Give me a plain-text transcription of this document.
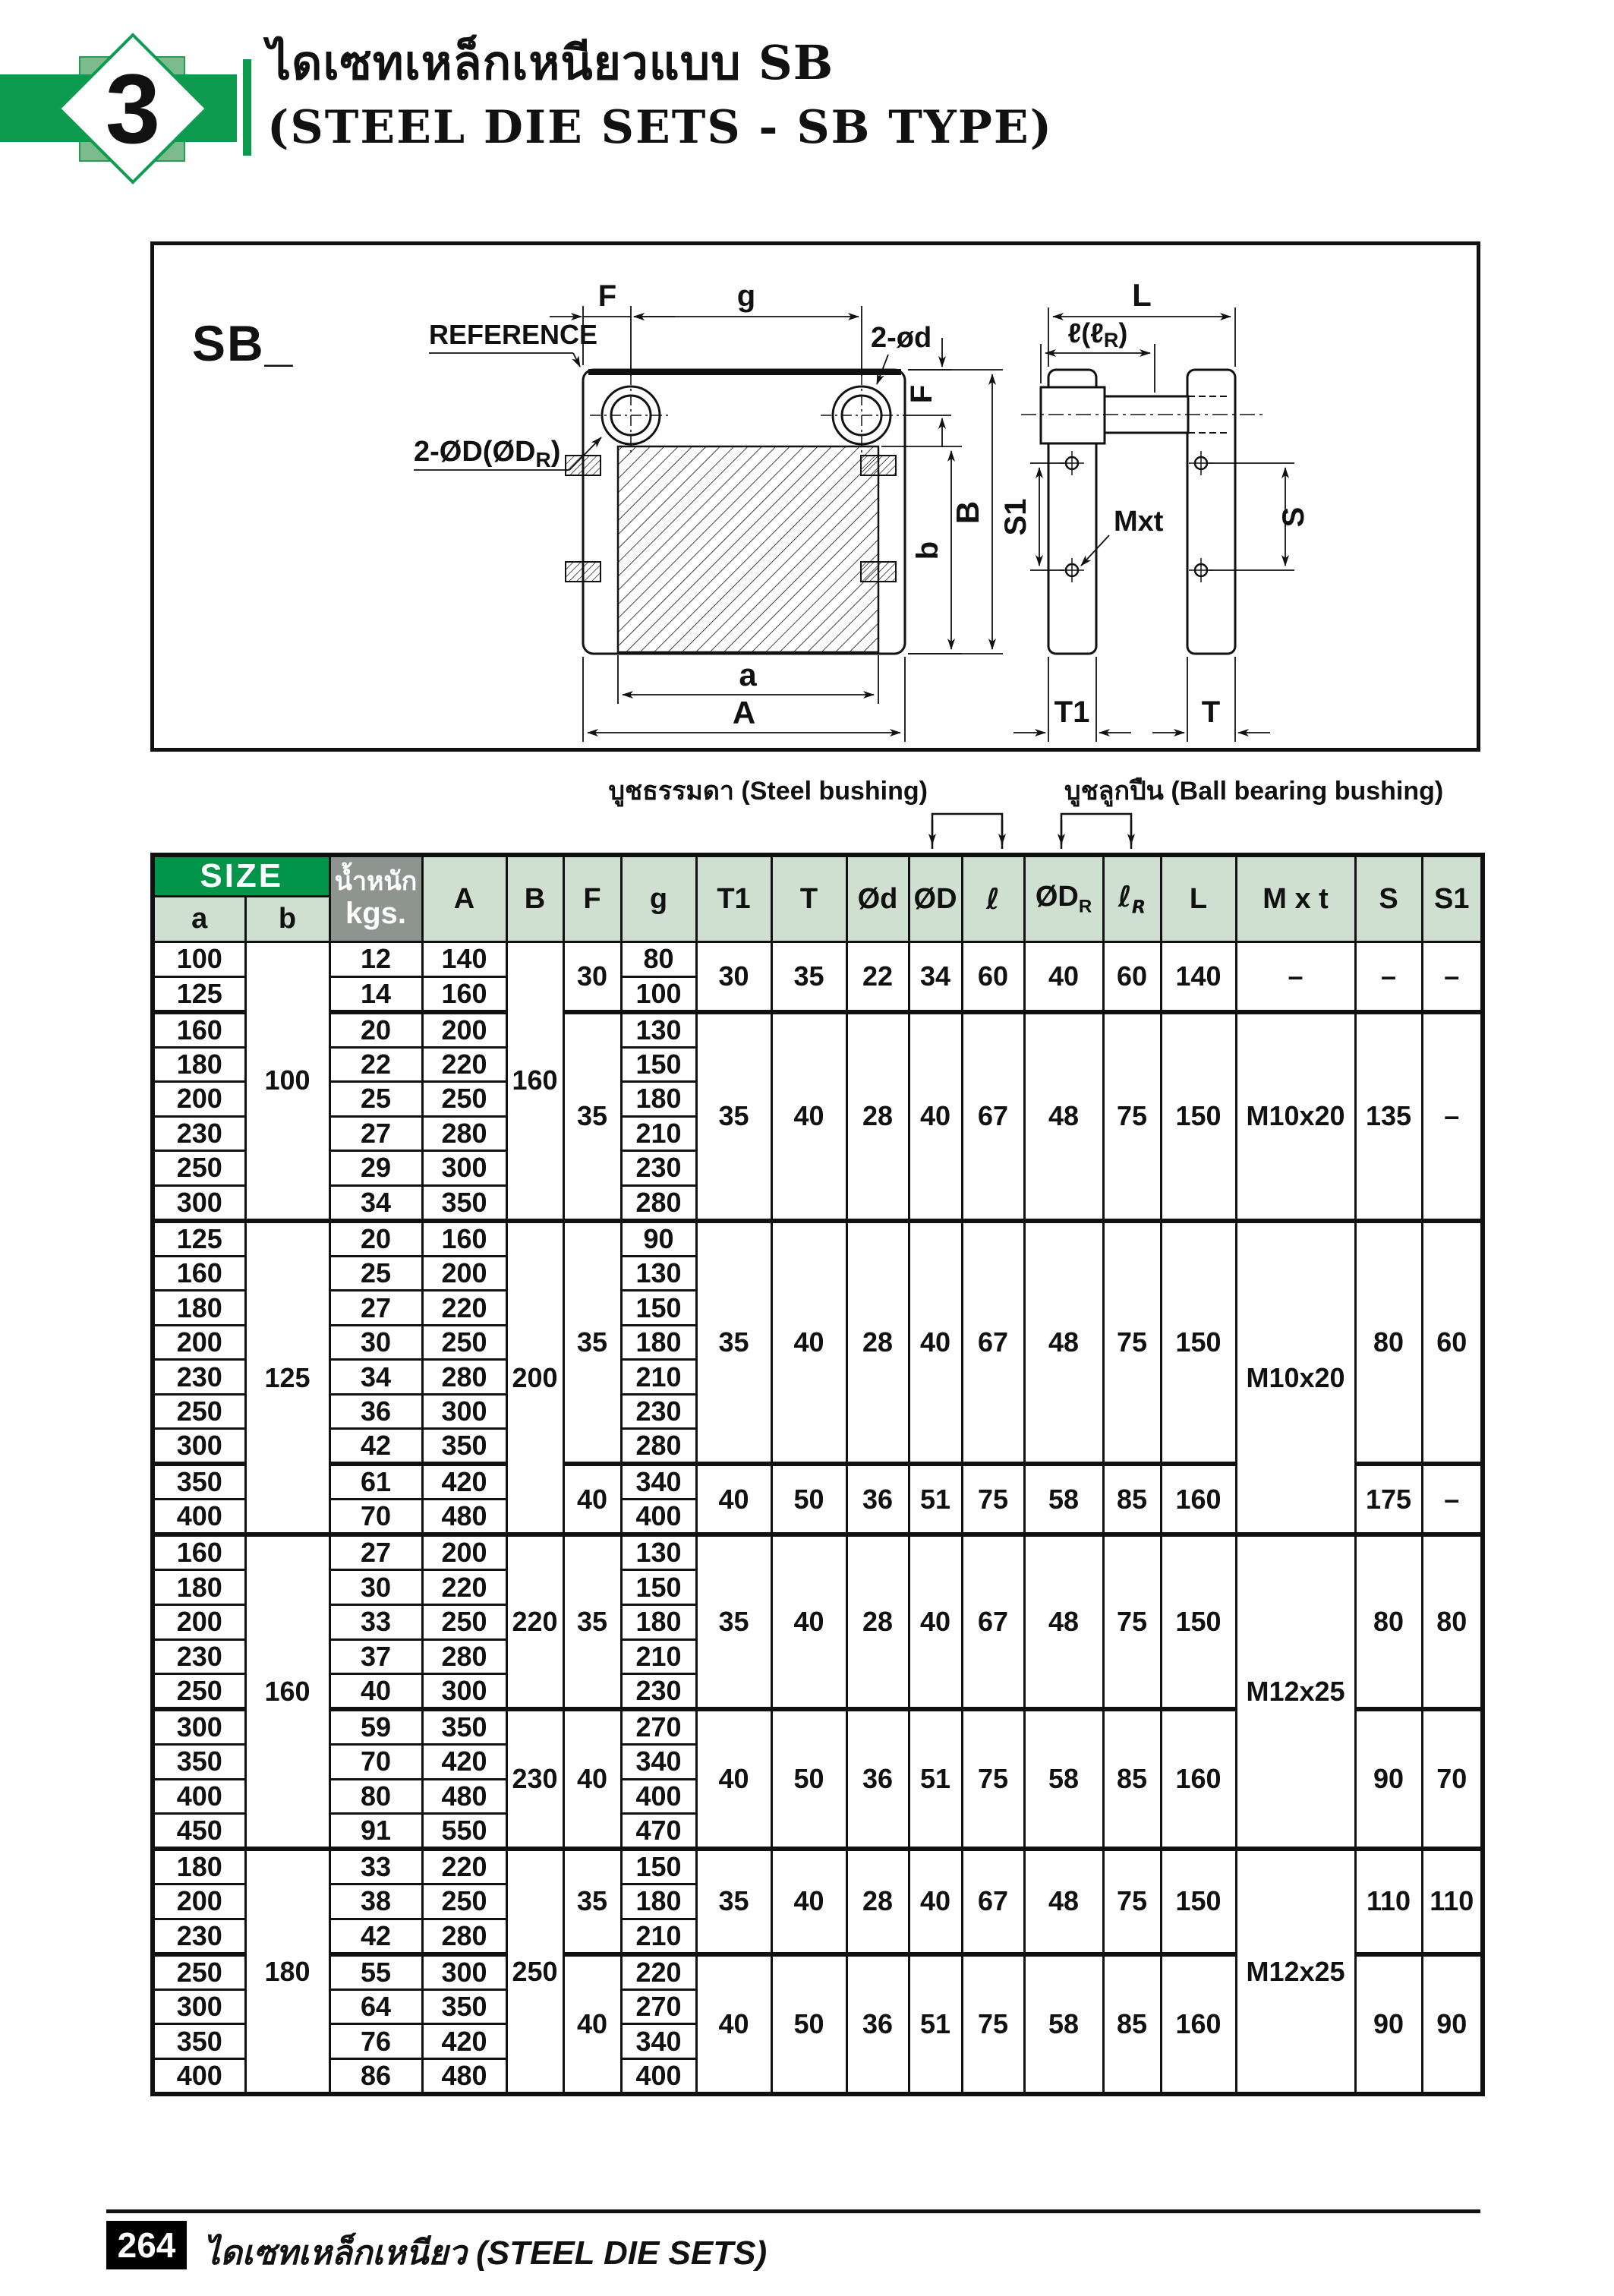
3 ไดเซทเหล็กเหนียวแบบ SB
(STEEL DIE SETS - SB TYPE)
SB_
F	g
REFERENCE	2-ød
$2-ØD(ØD_R)$
F
b
B
a
A
L
ℓ(ℓR)
S1	S
Mxt
T1	T
บูชธรรมดา (Steel bushing)	บูชลูกปืน (Ball bearing bushing)
SIZE		น้ำหนัก
kgs.	A	B	F	g	T1	T	Ød	ØD	ℓ	$ØD_R$	ℓ$_R$	L	M x t	S	S1
a	b																
100	100	12	140	160	30	80	30	35	22	34	60	40	60	140	–	–	–
125		14	160			100											
160		20	200		35	130	35	40	28	40	67	48	75	150	M10x20	135	–
180		22	220			150											
200		25	250			180											
230		27	280			210											
250		29	300			230											
300		34	350			280											
125	125	20	160	200	35	90	35	40	28	40	67	48	75	150	M10x20	80	60
160		25	200			130											
180		27	220			150											
200		30	250			180											
230		34	280			210											
250		36	300			230											
300		42	350			280											
350		61	420		40	340	40	50	36	51	75	58	85	160		175	–
400		70	480			400											
160	160	27	200	220	35	130	35	40	28	40	67	48	75	150	M12x25	80	80
180		30	220			150											
200		33	250			180											
230		37	280			210											
250		40	300			230											
300		59	350	230	40	270	40	50	36	51	75	58	85	160		90	70
350		70	420			340											
400		80	480			400											
450		91	550			470											
180	180	33	220	250	35	150	35	40	28	40	67	48	75	150	M12x25	110	110
200		38	250			180											
230		42	280			210											
250		55	300		40	220	40	50	36	51	75	58	85	160		90	90
300		64	350			270											
350		76	420			340											
400		86	480			400											
264 ไดเซทเหล็กเหนียว (STEEL DIE SETS)
